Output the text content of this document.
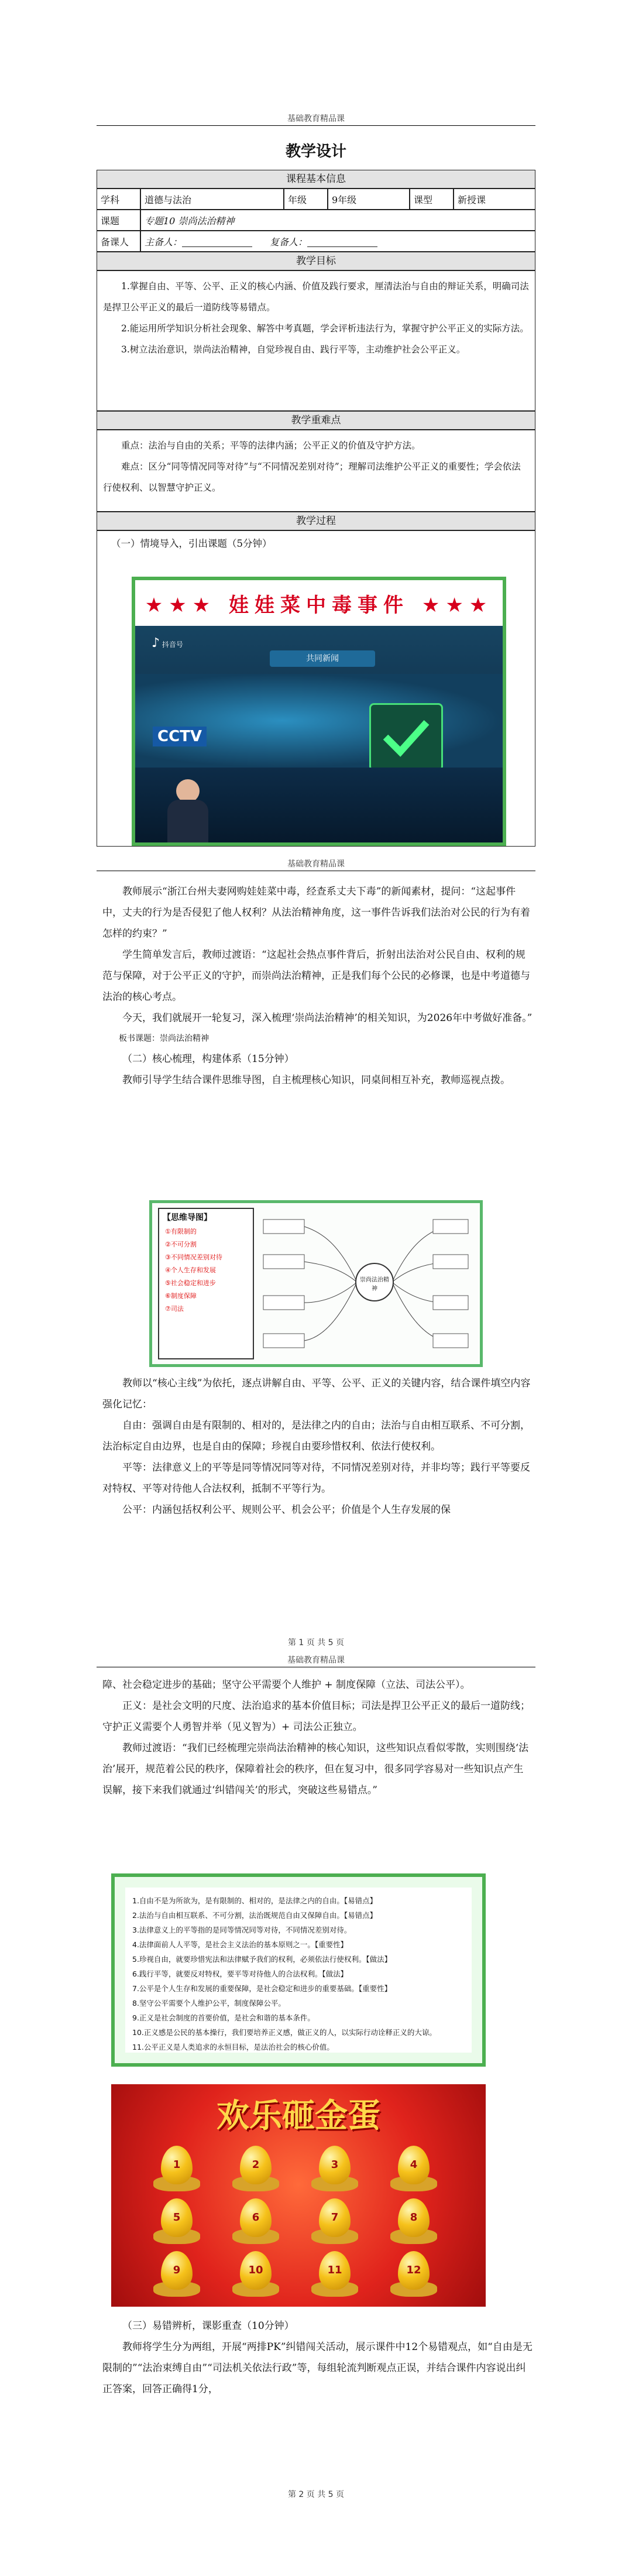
基础教育精品课
教学设计
课程基本信息
学科	道德与法治	年级	9年级	课型	新授课
课题	专题10 崇尚法治精神
备课人	主备人：	复备人：
教学目标
1.掌握自由、平等、公平、正义的核心内涵、价值及践行要求，厘清法治与自由的辩证关系，明确司法是捍卫公平正义的最后一道防线等易错点。
2.能运用所学知识分析社会现象、解答中考真题，学会评析违法行为，掌握守护公平正义的实际方法。
3.树立法治意识，崇尚法治精神，自觉珍视自由、践行平等，主动维护社会公平正义。
教学重难点
重点：法治与自由的关系；平等的法律内涵；公平正义的价值及守护方法。
难点：区分“同等情况同等对待”与“不同情况差别对待”；理解司法维护公平正义的重要性；学会依法行使权利、以智慧守护正义。
教学过程
（一）情境导入，引出课题（5分钟）
★★★ 娃娃菜中毒事件 ★★★
♪ 抖音号
共同新闻
CCTV
基础教育精品课
教师展示“浙江台州夫妻网购娃娃菜中毒，经查系丈夫下毒”的新闻素材，提问：“这起事件中，丈夫的行为是否侵犯了他人权利？从法治精神角度，这一事件告诉我们法治对公民的行为有着怎样的约束？”
学生简单发言后，教师过渡语：“这起社会热点事件背后，折射出法治对公民自由、权利的规范与保障，对于公平正义的守护，而崇尚法治精神，正是我们每个公民的必修课，也是中考道德与法治的核心考点。
今天，我们就展开一轮复习，深入梳理‘崇尚法治精神’的相关知识，为2026年中考做好准备。”
板书课题：崇尚法治精神
（二）核心梳理，构建体系（15分钟）
教师引导学生结合课件思维导图，自主梳理核心知识，同桌间相互补充，教师巡视点拨。
【思维导图】
①有限制的
②不可分割
③不同情况差别对待
④个人生存和发展
⑤社会稳定和进步
⑥制度保障
⑦司法
崇尚法治精神
教师以“核心主线”为依托，逐点讲解自由、平等、公平、正义的关键内容，结合课件填空内容强化记忆：
自由：强调自由是有限制的、相对的，是法律之内的自由；法治与自由相互联系、不可分割，法治标定自由边界，也是自由的保障；珍视自由要珍惜权利、依法行使权利。
平等：法律意义上的平等是同等情况同等对待，不同情况差别对待，并非均等；践行平等要反对特权、平等对待他人合法权利，抵制不平等行为。
公平：内涵包括权利公平、规则公平、机会公平；价值是个人生存发展的保
第 1 页 共 5 页
基础教育精品课
障、社会稳定进步的基础；坚守公平需要个人维护 + 制度保障（立法、司法公平）。
正义：是社会文明的尺度、法治追求的基本价值目标；司法是捍卫公平正义的最后一道防线；守护正义需要个人勇智并举（见义智为）+ 司法公正独立。
教师过渡语：“我们已经梳理完崇尚法治精神的核心知识，这些知识点看似零散，实则围绕‘法治’展开，规范着公民的秩序，保障着社会的秩序，但在复习中，很多同学容易对一些知识点产生误解，接下来我们就通过‘纠错闯关’的形式，突破这些易错点。”
1.自由不是为所欲为，是有限制的、相对的，是法律之内的自由。【易错点】
2.法治与自由相互联系、不可分割，法治既规范自由又保障自由。【易错点】
3.法律意义上的平等指的是同等情况同等对待，不同情况差别对待。
4.法律面前人人平等，是社会主义法治的基本原则之一。【重要性】
5.珍视自由，就要珍惜宪法和法律赋予我们的权利，必须依法行使权利。【做法】
6.践行平等，就要反对特权，要平等对待他人的合法权利。【做法】
7.公平是个人生存和发展的重要保障，是社会稳定和进步的重要基础。【重要性】
8.坚守公平需要个人维护公平，制度保障公平。
9.正义是社会制度的首要价值，是社会和谐的基本条件。
10.正义感是公民的基本操行，我们要培养正义感，做正义的人，以实际行动诠释正义的大谅。
11.公平正义是人类追求的永恒目标，是法治社会的核心价值。
欢乐砸金蛋
1	2	3	4
5	6	7	8
9	10	11	12
（三）易错辨析，课影重查（10分钟）
教师将学生分为两组，开展“两排PK”纠错闯关活动，展示课件中12个易错观点，如“自由是无限制的”“法治束缚自由”“司法机关依法行政”等，每组轮流判断观点正误，并结合课件内容说出纠正答案，回答正确得1分，
第 2 页 共 5 页
